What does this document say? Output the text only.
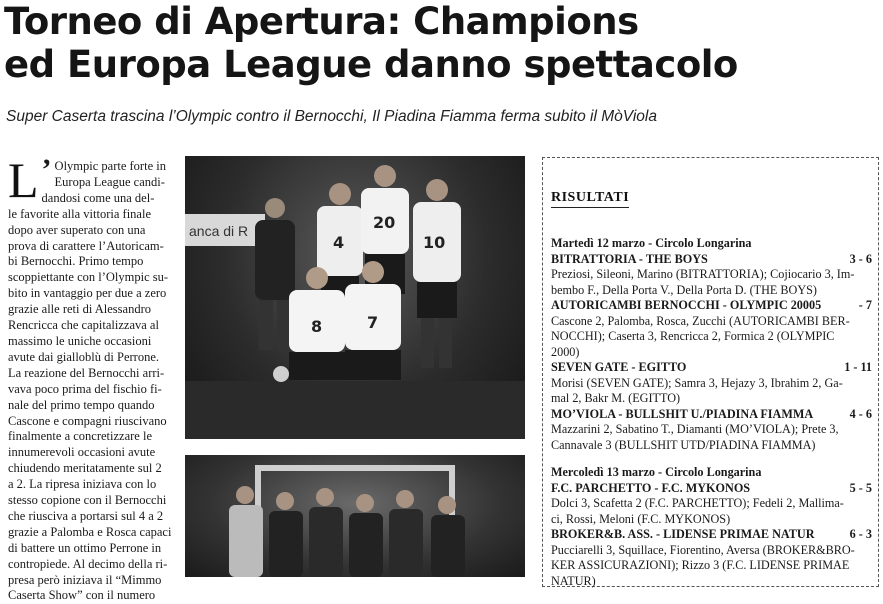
Torneo di Apertura: Champions
ed Europa League danno spettacolo
Super Caserta trascina l’Olympic contro il Bernocchi, Il Piadina Fiamma ferma subito il MòViola
L ’ Olympic parte forte in
Europa League candi-
dandosi come una del-
le favorite alla vittoria finale
dopo aver superato con una
prova di carattere l’Autoricam-
bi Bernocchi. Primo tempo
scoppiettante con l’Olympic su-
bito in vantaggio per due a zero
grazie alle reti di Alessandro
Rencricca che capitalizzava al
massimo le uniche occasioni
avute dai giallоblù di Perrone.
La reazione del Bernocchi arri-
vava poco prima del fischio fi-
nale del primo tempo quando
Cascone e compagni riuscivano
finalmente a concretizzare le
innumerevoli occasioni avute
chiudendo meritatamente sul 2
a 2. La ripresa iniziava con lo
stesso copione con il Bernocchi
che riusciva a portarsi sul 4 a 2
grazie a Palomba e Rosca capaci
di battere un ottimo Perrone in
contropiede. Al decimo della ri-
presa però iniziava il “Mimmo
Caserta Show” con il numero
anca di R
4
20
10
8	7
RISULTATI
Martedì 12 marzo - Circolo Longarina
BITRATTORIA - THE BOYS	3 - 6
Preziosi, Sileoni, Marino (BITRATTORIA); Cojiocario 3, Im-
bembo F., Della Porta V., Della Porta D. (THE BOYS)
AUTORICAMBI BERNOCCHI - OLYMPIC 20005	- 7
Cascone 2, Palomba, Rosca, Zucchi (AUTORICAMBI BER-
NOCCHI); Caserta 3, Rencricca 2, Formica 2 (OLYMPIC
2000)
SEVEN GATE - EGITTO	1 - 11
Morisi (SEVEN GATE); Samra 3, Hejazy 3, Ibrahim 2, Ga-
mal 2, Bakr M. (EGITTO)
MO’VIOLA - BULLSHIT U./PIADINA FIAMMA	4 - 6
Mazzarini 2, Sabatino T., Diamanti (MO’VIOLA); Prete 3,
Cannavale 3 (BULLSHIT UTD/PIADINA FIAMMA)
Mercoledì 13 marzo - Circolo Longarina
F.C. PARCHETTO - F.C. MYKONOS	5 - 5
Dolci 3, Scafetta 2 (F.C. PARCHETTO); Fedeli 2, Mallima-
ci, Rossi, Meloni (F.C. MYKONOS)
BROKER&B. ASS. - LIDENSE PRIMAE NATUR	6 - 3
Pucciarelli 3, Squillace, Fiorentino, Aversa (BROKER&BRO-
KER ASSICURAZIONI); Rizzo 3 (F.C. LIDENSE PRIMAE
NATUR)
